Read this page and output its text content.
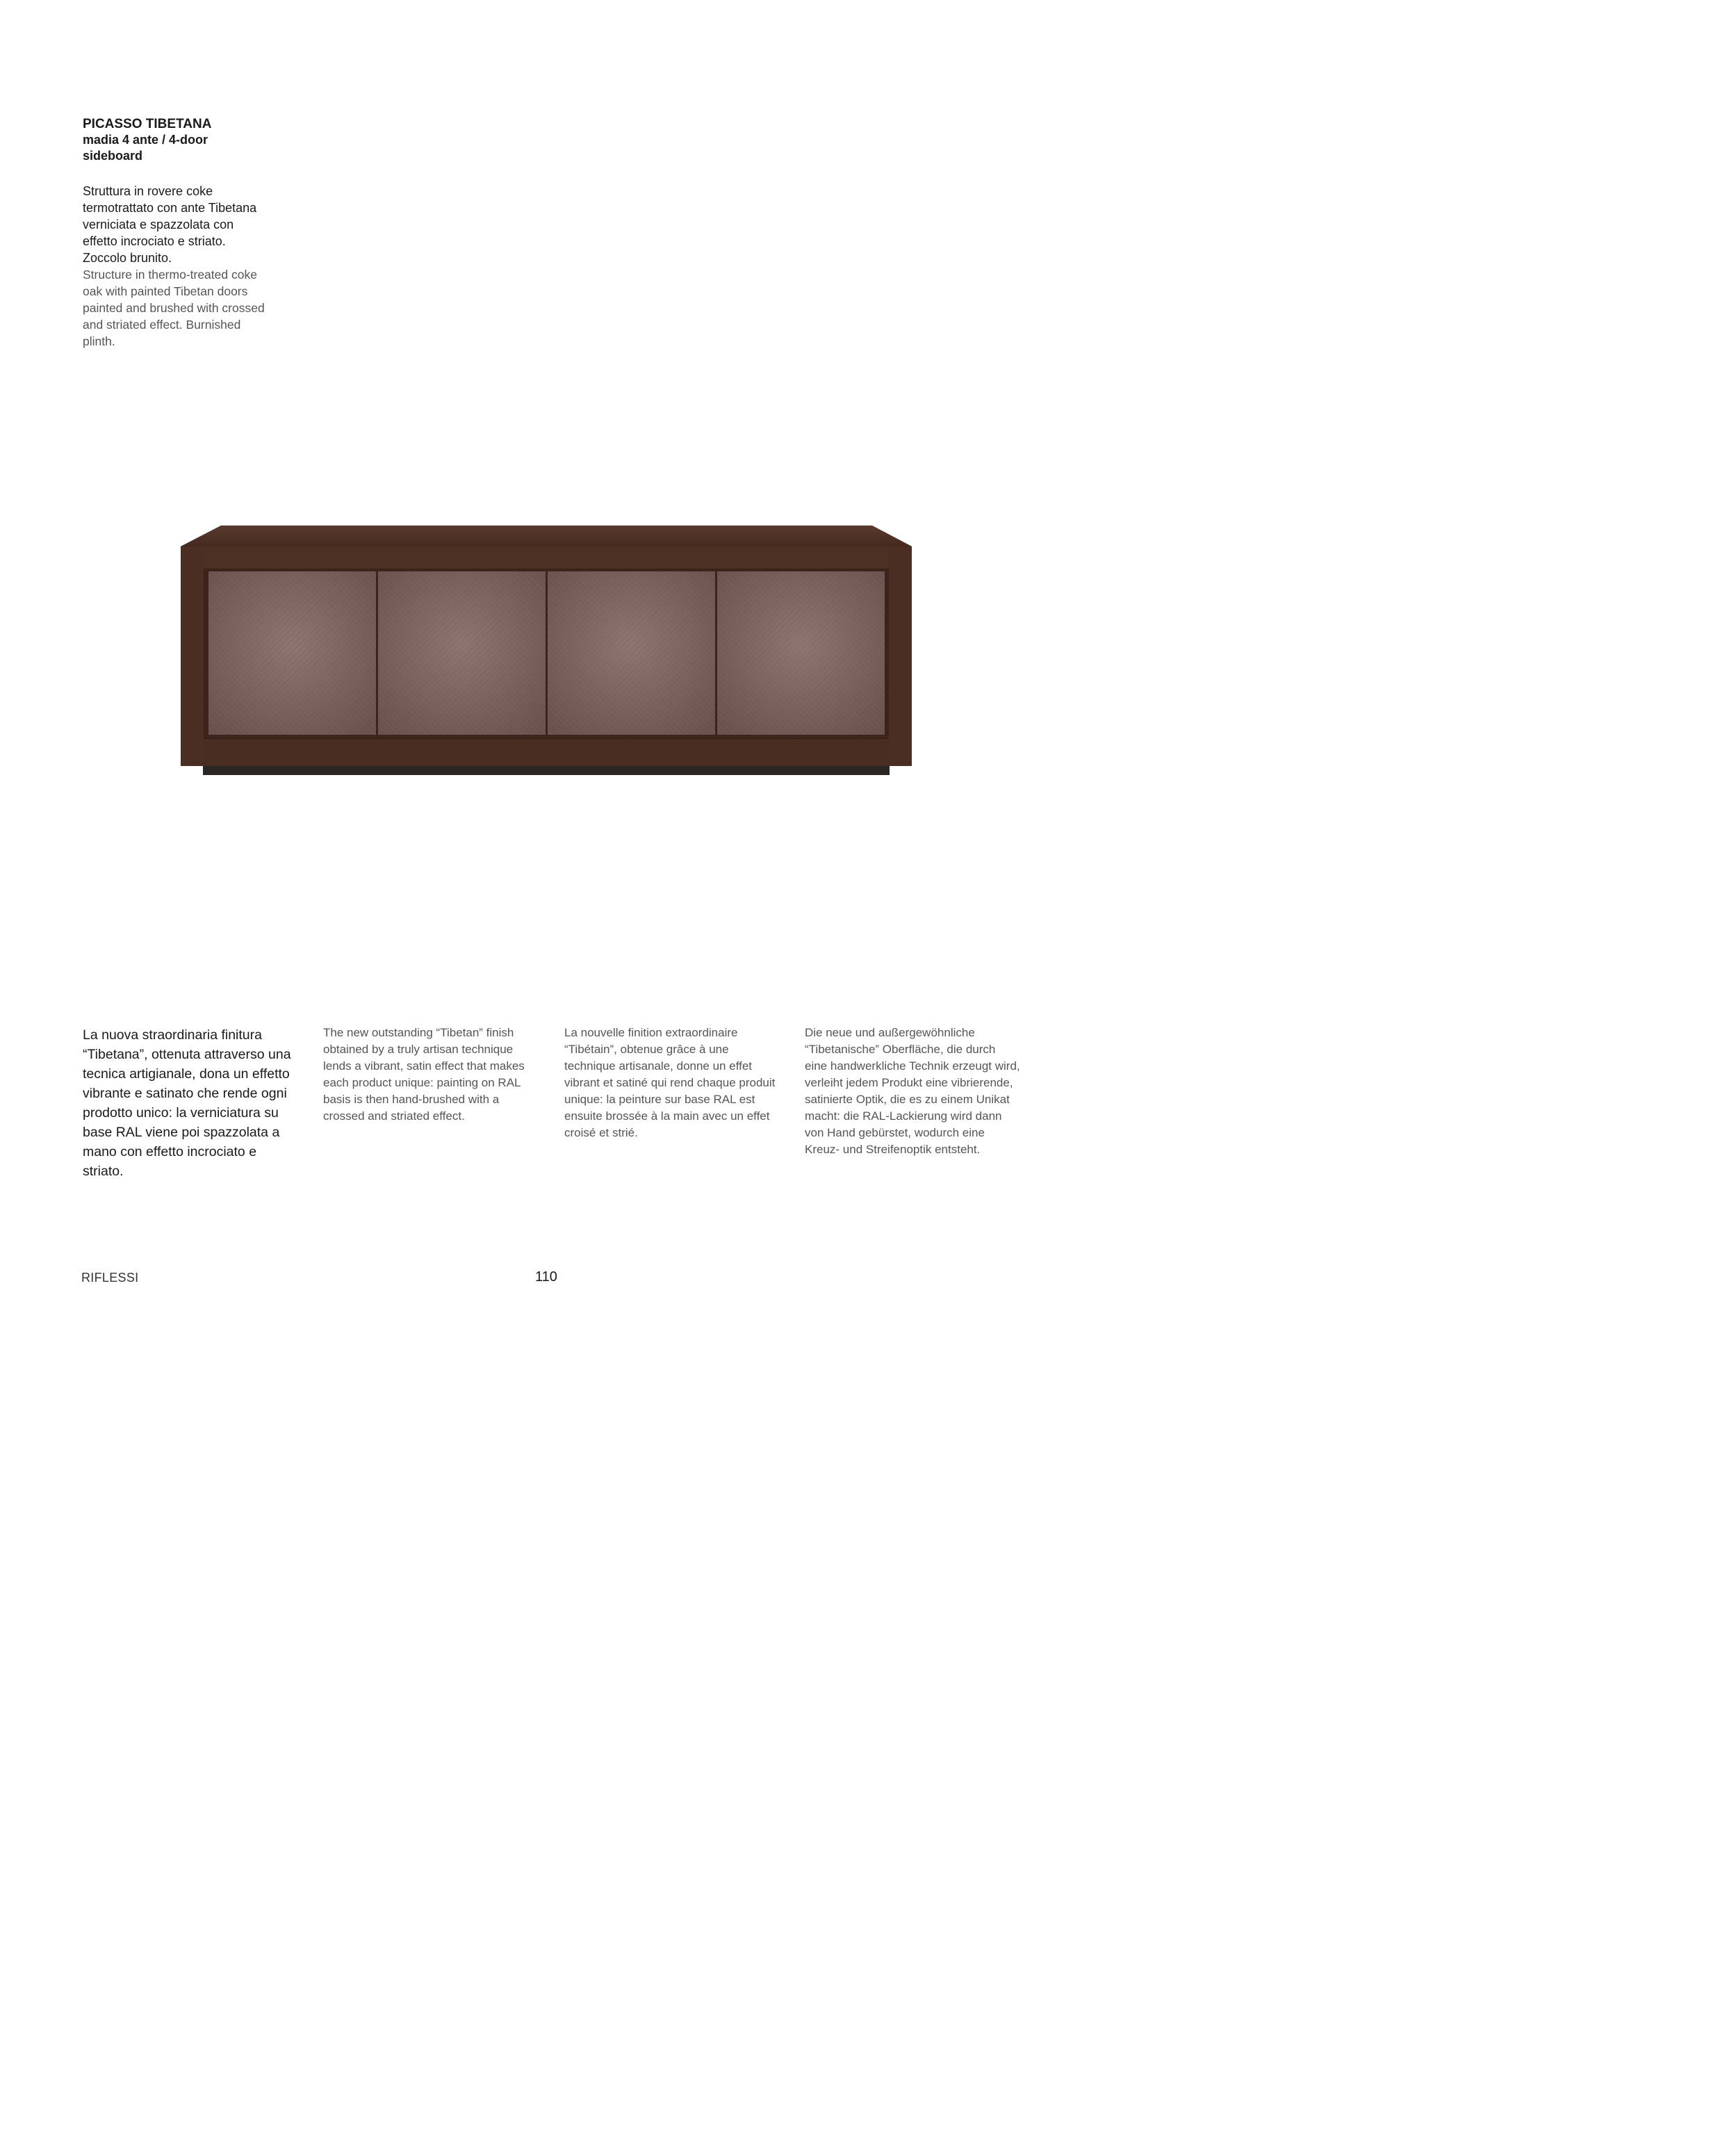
PICASSO TIBETANA

madia 4 ante / 4-door sideboard

Struttura in rovere coke termotrattato con ante Tibetana verniciata e spazzolata con effetto incrociato e striato. Zoccolo brunito.

Structure in thermo-treated coke oak with painted Tibetan doors painted and brushed with crossed and striated effect. Burnished plinth.

La nuova straordinaria finitura “Tibetana”, ottenuta attraverso una tecnica artigianale, dona un effetto vibrante e satinato che rende ogni prodotto unico: la verniciatura su base RAL viene poi spazzolata a mano con effetto incrociato e striato.

The new outstanding “Tibetan” finish obtained by a truly artisan technique lends a vibrant, satin effect that makes each product unique: painting on RAL basis is then hand-brushed with a crossed and striated effect.

La nouvelle finition extraordinaire “Tibétain”, obtenue grâce à une technique artisanale, donne un effet vibrant et satiné qui rend chaque produit unique: la peinture sur base RAL est ensuite brossée à la main avec un effet croisé et strié.

Die neue und außergewöhnliche “Tibetanische” Oberfläche, die durch eine handwerkliche Technik erzeugt wird, verleiht jedem Produkt eine vibrierende, satinierte Optik, die es zu einem Unikat macht: die RAL-Lackierung wird dann von Hand gebürstet, wodurch eine Kreuz- und Streifenoptik entsteht.

RIFLESSI	110
